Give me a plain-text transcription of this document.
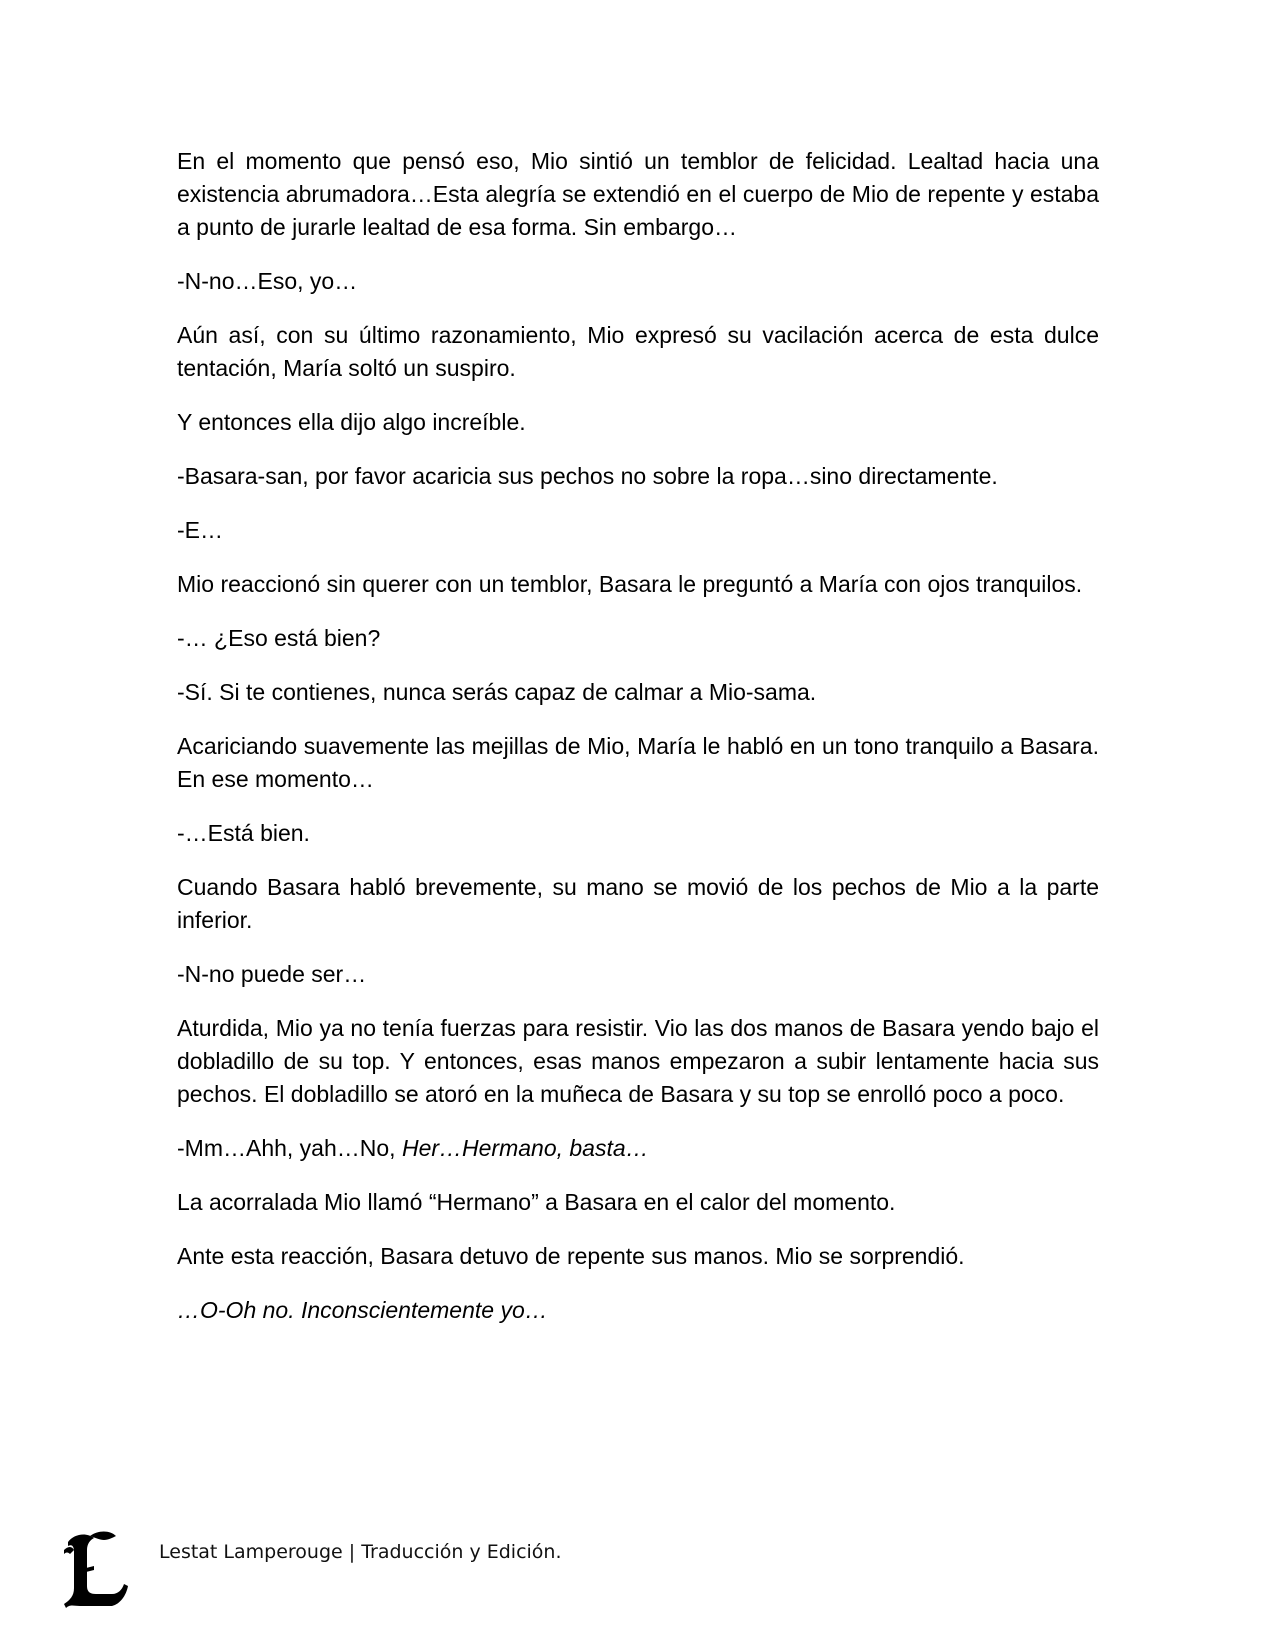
En el momento que pensó eso, Mio sintió un temblor de felicidad. Lealtad hacia una existencia abrumadora…Esta alegría se extendió en el cuerpo de Mio de repente y estaba a punto de jurarle lealtad de esa forma. Sin embargo…

-N-no…Eso, yo…

Aún así, con su último razonamiento, Mio expresó su vacilación acerca de esta dulce tentación, María soltó un suspiro.

Y entonces ella dijo algo increíble.

-Basara-san, por favor acaricia sus pechos no sobre la ropa…sino directamente.

-E…

Mio reaccionó sin querer con un temblor, Basara le preguntó a María con ojos tranquilos.

-… ¿Eso está bien?

-Sí. Si te contienes, nunca serás capaz de calmar a Mio-sama.

Acariciando suavemente las mejillas de Mio, María le habló en un tono tranquilo a Basara. En ese momento…

-…Está bien.

Cuando Basara habló brevemente, su mano se movió de los pechos de Mio a la parte inferior.

-N-no puede ser…

Aturdida, Mio ya no tenía fuerzas para resistir. Vio las dos manos de Basara yendo bajo el dobladillo de su top. Y entonces, esas manos empezaron a subir lentamente hacia sus pechos. El dobladillo se atoró en la muñeca de Basara y su top se enrolló poco a poco.

-Mm…Ahh, yah…No, Her…Hermano, basta…

La acorralada Mio llamó “Hermano” a Basara en el calor del momento.

Ante esta reacción, Basara detuvo de repente sus manos. Mio se sorprendió.

…O-Oh no. Inconscientemente yo…

Lestat Lamperouge | Traducción y Edición.
